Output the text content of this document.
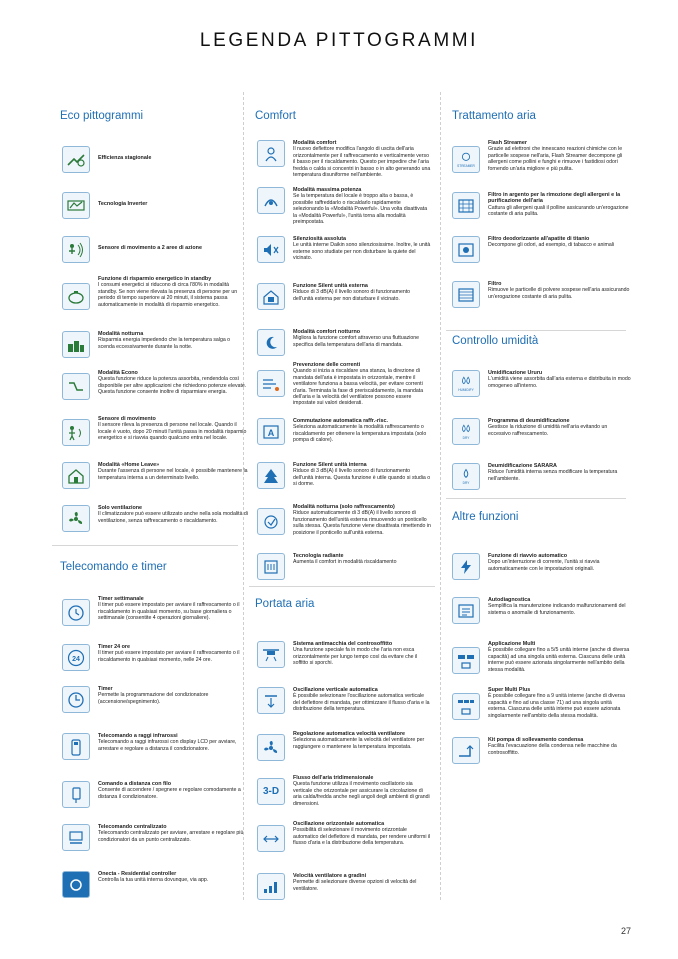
LEGENDA PITTOGRAMMI
Eco pittogrammi
Telecomando e timer
Comfort
Portata aria
Trattamento aria
Controllo umidità
Altre funzioni
Efficienza stagionale
Tecnologia Inverter
Sensore di movimento a 2 aree di azione
Funzione di risparmio energetico in standby
I consumi energetici si riducono di circa l'80% in modalità standby. Se non viene rilevata la presenza di persone per un periodo di tempo superiore ai 20 minuti, il sistema passa automaticamente in modalità di risparmio energetico.
Modalità notturna
Risparmia energia impedendo che la temperatura salga o scenda eccessivamente durante la notte.
Modalità Econo
Questa funzione riduce la potenza assorbita, rendendola così disponibile per altre applicazioni che richiedono potenze elevate. Questa funzione consente inoltre di risparmiare energia.
Sensore di movimento
Il sensore rileva la presenza di persone nel locale. Quando il locale è vuoto, dopo 20 minuti l'unità passa in modalità risparmio energetico e si riavvia quando qualcuno entra nel locale.
Modalità «Home Leave»
Durante l'assenza di persone nel locale, è possibile mantenere la temperatura interna a un determinato livello.
Solo ventilazione
Il climatizzatore può essere utilizzato anche nella sola modalità di ventilazione, senza raffrescamento o riscaldamento.
Timer settimanale
Il timer può essere impostato per avviare il raffrescamento o il riscaldamento in qualsiasi momento, su base giornaliera o settimanale (consentite 4 operazioni giornaliere).
24
Timer 24 ore
Il timer può essere impostato per avviare il raffrescamento o il riscaldamento in qualsiasi momento, nelle 24 ore.
Timer
Permette la programmazione del condizionatore (accensione/spegnimento).
Telecomando a raggi infrarossi
Telecomando a raggi infrarossi con display LCD per avviare, arrestare e regolare a distanza il condizionatore.
Comando a distanza con filo
Consente di accendere / spegnere e regolare comodamente a distanza il condizionatore.
Telecomando centralizzato
Telecomando centralizzato per avviare, arrestare e regolare più condizionatori da un punto centralizzato.
Onecta - Residential controller
Controlla la tua unità interna dovunque, via app.
Modalità comfort
Il nuovo deflettore modifica l'angolo di uscita dell'aria orizzontalmente per il raffrescamento e verticalmente verso il basso per il riscaldamento. Questo per impedire che l'aria fredda o calda si concentri in basso o in alto generando una temperatura disuniforme nell'ambiente.
Modalità massima potenza
Se la temperatura del locale è troppo alta o bassa, è possibile raffreddarlo o riscaldarlo rapidamente selezionando la «Modalità Powerful». Una volta disattivata la «Modalità Powerful», l'unità torna alla modalità preimpostata.
Silenziosità assoluta
Le unità interne Daikin sono silenziosissime. Inoltre, le unità esterne sono studiate per non disturbare la quiete del vicinato.
Funzione Silent unità esterna
Riduce di 3 dB(A) il livello sonoro di funzionamento dell'unità esterna per non disturbare il vicinato.
Modalità comfort notturno
Migliora la funzione comfort attraverso una fluttuazione specifica della temperatura dell'aria di mandata.
Prevenzione delle correnti
Quando si inizia a riscaldare una stanza, la direzione di mandata dell'aria è impostata in orizzontale, mentre il ventilatore funziona a bassa velocità, per evitare correnti d'aria. Terminata la fase di preriscaldamento, la mandata dell'aria e la velocità del ventilatore possono essere impostate sui valori desiderati.
A
Commutazione automatica raffr.-risc.
Seleziona automaticamente la modalità raffrescamento o riscaldamento per ottenere la temperatura impostata (solo pompa di calore).
Funzione Silent unità interna
Riduce di 3 dB(A) il livello sonoro di funzionamento dell'unità interna. Questa funzione è utile quando si studia o si dorme.
Modalità notturna (solo raffrescamento)
Riduce automaticamente di 3 dB(A) il livello sonoro di funzionamento dell'unità esterna rimuovendo un ponticello sulla stessa. Questa funzione viene disattivata rimettendo in posizione il ponticello sull'unità esterna.
Tecnologia radiante
Aumenta il comfort in modalità riscaldamento
Sistema antimacchia del controsoffitto
Una funzione speciale fa in modo che l'aria non esca orizzontalmente per lungo tempo così da evitare che il soffitto si sporchi.
Oscillazione verticale automatica
È possibile selezionare l'oscillazione automatica verticale del deflettore di mandata, per ottimizzare il flusso d'aria e la distribuzione della temperatura.
Regolazione automatica velocità ventilatore
Seleziona automaticamente la velocità del ventilatore per raggiungere o mantenere la temperatura impostata.
3-D
Flusso dell'aria tridimensionale
Questa funzione utilizza il movimento oscillatorio sia verticale che orizzontale per assicurare la circolazione di aria calda/fredda anche negli angoli degli ambienti di grandi dimensioni.
Oscillazione orizzontale automatica
Possibilità di selezionare il movimento orizzontale automatico del deflettore di mandata, per rendere uniformi il flusso d'aria e la distribuzione della temperatura.
Velocità ventilatore a gradini
Permette di selezionare diverse opzioni di velocità del ventilatore.
STREAMER
Flash Streamer
Grazie ad elettroni che innescano reazioni chimiche con le particelle sospese nell'aria, Flash Streamer decompone gli allergeni come pollini e funghi e rimuove i fastidiosi odori fornendo un'aria migliore e più pulita.
Filtro in argento per la rimozione degli allergeni e la purificazione dell'aria
Cattura gli allergeni quali il polline assicurando un'erogazione costante di aria pulita.
Filtro deodorizzante all'apatite di titanio
Decompone gli odori, ad esempio, di tabacco e animali
Filtro
Rimuove le particelle di polvere sospese nell'aria assicurando un'erogazione costante di aria pulita.
HUMIDIFY
Umidificazione Ururu
L'umidità viene assorbita dall'aria esterna e distribuita in modo omogeneo all'interno.
DRY
Programma di deumidificazione
Gestisce la riduzione di umidità nell'aria evitando un eccessivo raffrescamento.
DRY
Deumidificazione SARARA
Riduce l'umidità interna senza modificare la temperatura nell'ambiente.
Funzione di riavvio automatico
Dopo un'interruzione di corrente, l'unità si riavvia automaticamente con le impostazioni originali.
Autodiagnostica
Semplifica la manutenzione indicando malfunzionamenti del sistema o anomalie di funzionamento.
Applicazione Multi
È possibile collegare fino a 5/5 unità interne (anche di diversa capacità) ad una singola unità esterna. Ciascuna delle unità interne può essere azionata singolarmente nell'ambito della stessa modalità.
Super Multi Plus
È possibile collegare fino a 9 unità interne (anche di diversa capacità e fino ad una classe 71) ad una singola unità esterna. Ciascuna delle unità interne può essere azionata singolarmente nell'ambito della stessa modalità.
Kit pompa di sollevamento condensa
Facilita l'evacuazione della condensa nelle macchine da controsoffitto.
27
